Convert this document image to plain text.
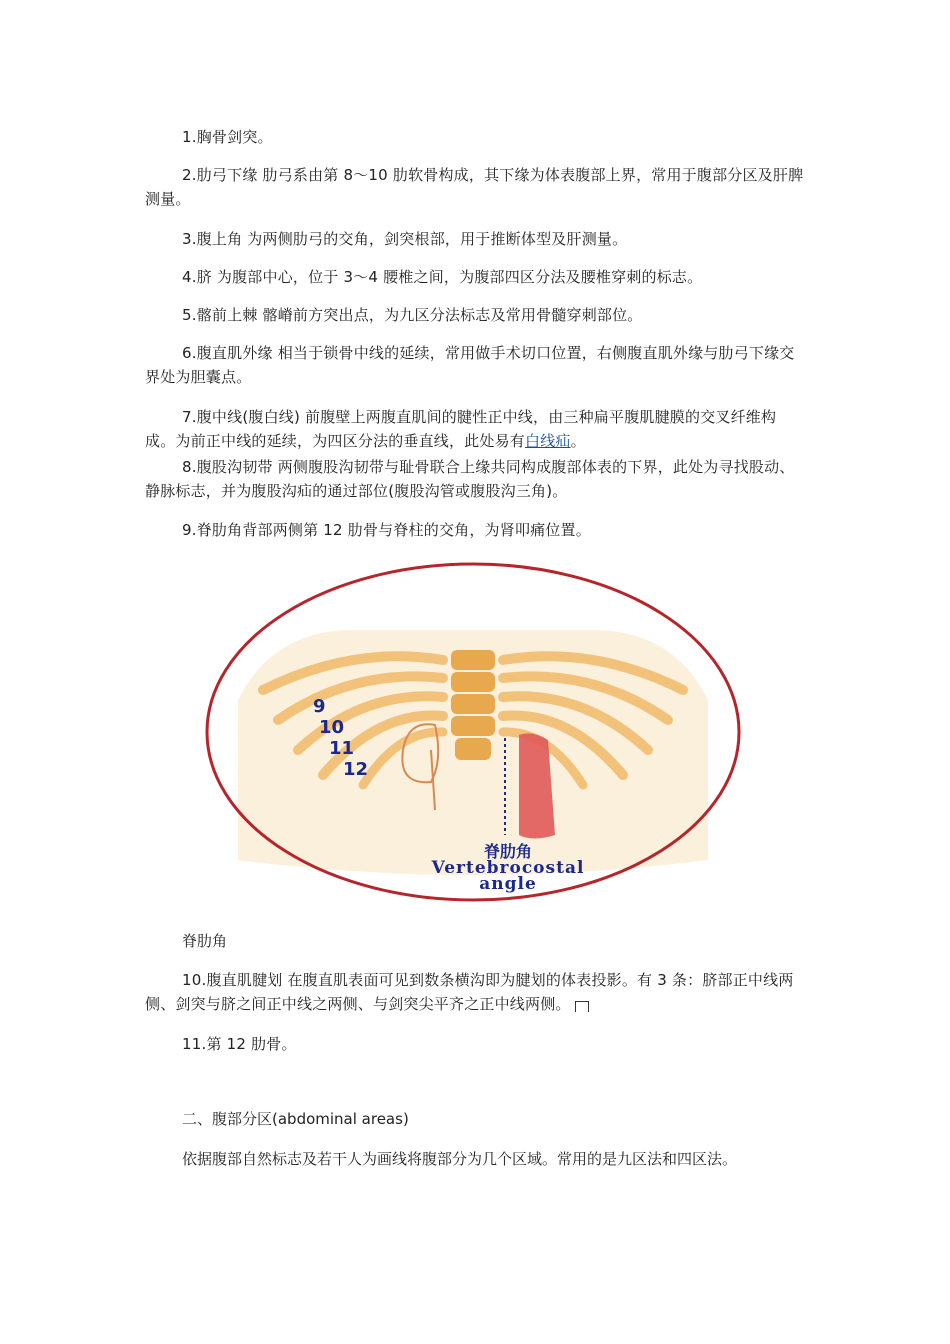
1.胸骨剑突。

2.肋弓下缘 肋弓系由第 8～10 肋软骨构成，其下缘为体表腹部上界，常用于腹部分区及肝脾测量。

3.腹上角 为两侧肋弓的交角，剑突根部，用于推断体型及肝测量。

4.脐 为腹部中心，位于 3～4 腰椎之间，为腹部四区分法及腰椎穿刺的标志。

5.髂前上棘 髂嵴前方突出点，为九区分法标志及常用骨髓穿刺部位。

6.腹直肌外缘 相当于锁骨中线的延续，常用做手术切口位置，右侧腹直肌外缘与肋弓下缘交界处为胆囊点。

7.腹中线(腹白线) 前腹壁上两腹直肌间的腱性正中线，由三种扁平腹肌腱膜的交叉纤维构成。为前正中线的延续，为四区分法的垂直线，此处易有白线疝。

8.腹股沟韧带 两侧腹股沟韧带与耻骨联合上缘共同构成腹部体表的下界，此处为寻找股动、静脉标志，并为腹股沟疝的通过部位(腹股沟管或腹股沟三角)。

9.脊肋角背部两侧第 12 肋骨与脊柱的交角，为肾叩痛位置。

9
10
11
12
脊肋角
Vertebrocostal
angle

脊肋角

10.腹直肌腱划 在腹直肌表面可见到数条横沟即为腱划的体表投影。有 3 条：脐部正中线两侧、剑突与脐之间正中线之两侧、与剑突尖平齐之正中线两侧。

11.第 12 肋骨。

二、腹部分区(abdominal areas)

依据腹部自然标志及若干人为画线将腹部分为几个区域。常用的是九区法和四区法。
